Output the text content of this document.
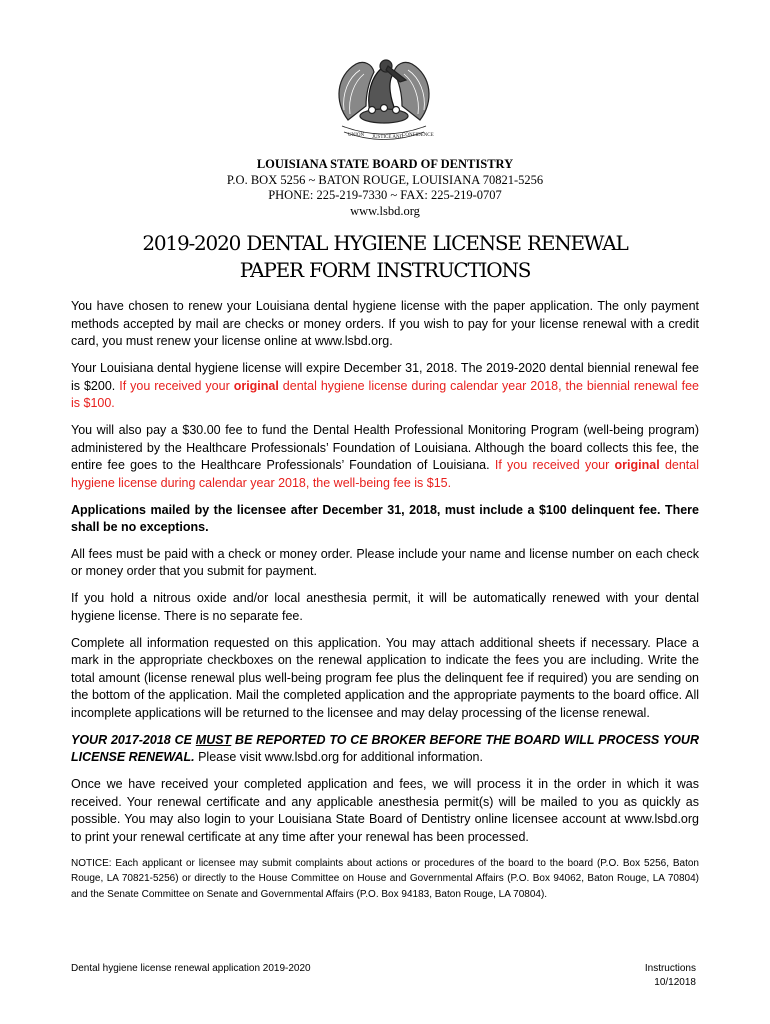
UNION JUSTICE AND
CONFIDENCE
LOUISIANA STATE BOARD OF DENTISTRY
P.O. BOX 5256 ~ BATON ROUGE, LOUISIANA 70821-5256
PHONE: 225-219-7330 ~ FAX: 225-219-0707
www.lsbd.org
2019-2020 DENTAL HYGIENE LICENSE RENEWAL
PAPER FORM INSTRUCTIONS

You have chosen to renew your Louisiana dental hygiene license with the paper application. The only payment methods accepted by mail are checks or money orders. If you wish to pay for your license renewal with a credit card, you must renew your license online at www.lsbd.org.

Your Louisiana dental hygiene license will expire December 31, 2018. The 2019-2020 dental biennial renewal fee is $200. If you received your original dental hygiene license during calendar year 2018, the biennial renewal fee is $100.

You will also pay a $30.00 fee to fund the Dental Health Professional Monitoring Program (well-being program) administered by the Healthcare Professionals’ Foundation of Louisiana. Although the board collects this fee, the entire fee goes to the Healthcare Professionals’ Foundation of Louisiana. If you received your original dental hygiene license during calendar year 2018, the well-being fee is $15.

Applications mailed by the licensee after December 31, 2018, must include a $100 delinquent fee. There shall be no exceptions.

All fees must be paid with a check or money order. Please include your name and license number on each check or money order that you submit for payment.

If you hold a nitrous oxide and/or local anesthesia permit, it will be automatically renewed with your dental hygiene license. There is no separate fee.

Complete all information requested on this application. You may attach additional sheets if necessary. Place a mark in the appropriate checkboxes on the renewal application to indicate the fees you are including. Write the total amount (license renewal plus well-being program fee plus the delinquent fee if required) you are sending on the bottom of the application. Mail the completed application and the appropriate payments to the board office. All incomplete applications will be returned to the licensee and may delay processing of the license renewal.

YOUR 2017-2018 CE MUST BE REPORTED TO CE BROKER BEFORE THE BOARD WILL PROCESS YOUR LICENSE RENEWAL. Please visit www.lsbd.org for additional information.

Once we have received your completed application and fees, we will process it in the order in which it was received. Your renewal certificate and any applicable anesthesia permit(s) will be mailed to you as quickly as possible. You may also login to your Louisiana State Board of Dentistry online licensee account at www.lsbd.org to print your renewal certificate at any time after your renewal has been processed.

NOTICE: Each applicant or licensee may submit complaints about actions or procedures of the board to the board (P.O. Box 5256, Baton Rouge, LA 70821-5256) or directly to the House Committee on House and Governmental Affairs (P.O. Box 94062, Baton Rouge, LA 70804) and the Senate Committee on Senate and Governmental Affairs (P.O. Box 94183, Baton Rouge, LA 70804).

Dental hygiene license renewal application 2019-2020	Instructions
10/12018
